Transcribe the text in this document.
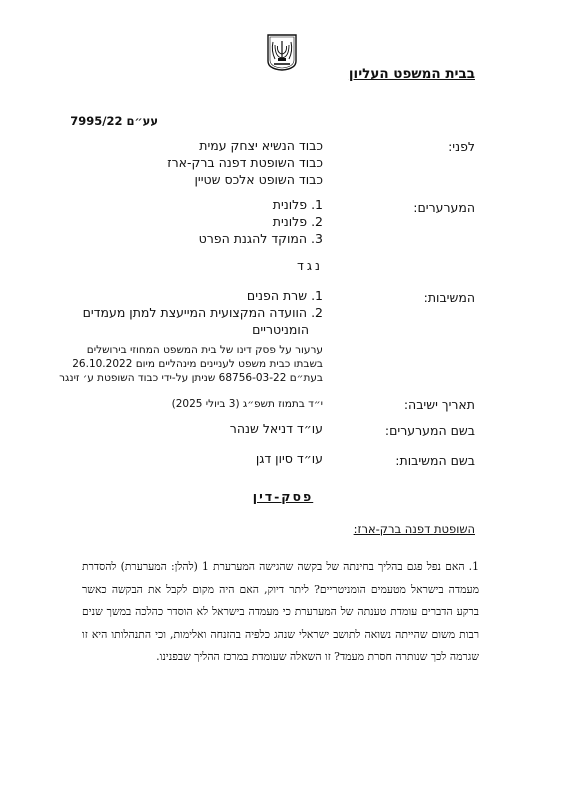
בבית המשפט העליון
עע״ם 7995/22
לפני:
כבוד הנשיא יצחק עמית
כבוד השופטת דפנה ברק-ארז
כבוד השופט אלכס שטיין
המערערים:
1. פלונית
2. פלונית
3. המוקד להגנת הפרט
נגד
המשיבות:
1. שרת הפנים
2. הוועדה המקצועית המייעצת למתן מעמדים
הומניטריים
ערעור על פסק דינו של בית המשפט המחוזי בירושלים
בשבתו כבית משפט לעניינים מינהליים מיום 26.10.2022
בעת״ם 68756-03-22 שניתן על-ידי כבוד השופטת ע׳ זינגר
תאריך ישיבה:
י״ד בתמוז תשפ״ג (3 ביולי 2025)
בשם המערערים:
עו״ד דניאל שנהר
בשם המשיבות:
עו״ד סיון דגן
פסק-דין
השופטת דפנה ברק-ארז:
1. האם נפל פגם בהליך בחינתה של בקשה שהגישה המערערת 1 (להלן: המערערת) להסדרת מעמדה בישראל מטעמים הומניטריים? ליתר דיוק, האם היה מקום לקבל את הבקשה כאשר ברקע הדברים עומדת טענתה של המערערת כי מעמדה בישראל לא הוסדר כהלכה במשך שנים רבות משום שהייתה נשואה לתושב ישראלי שנהג כלפיה בהזנחה ואלימות, וכי התנהלותו היא זו שגרמה לכך שנותרה חסרת מעמד? זו השאלה שעומדת במרכז ההליך שבפנינו.
